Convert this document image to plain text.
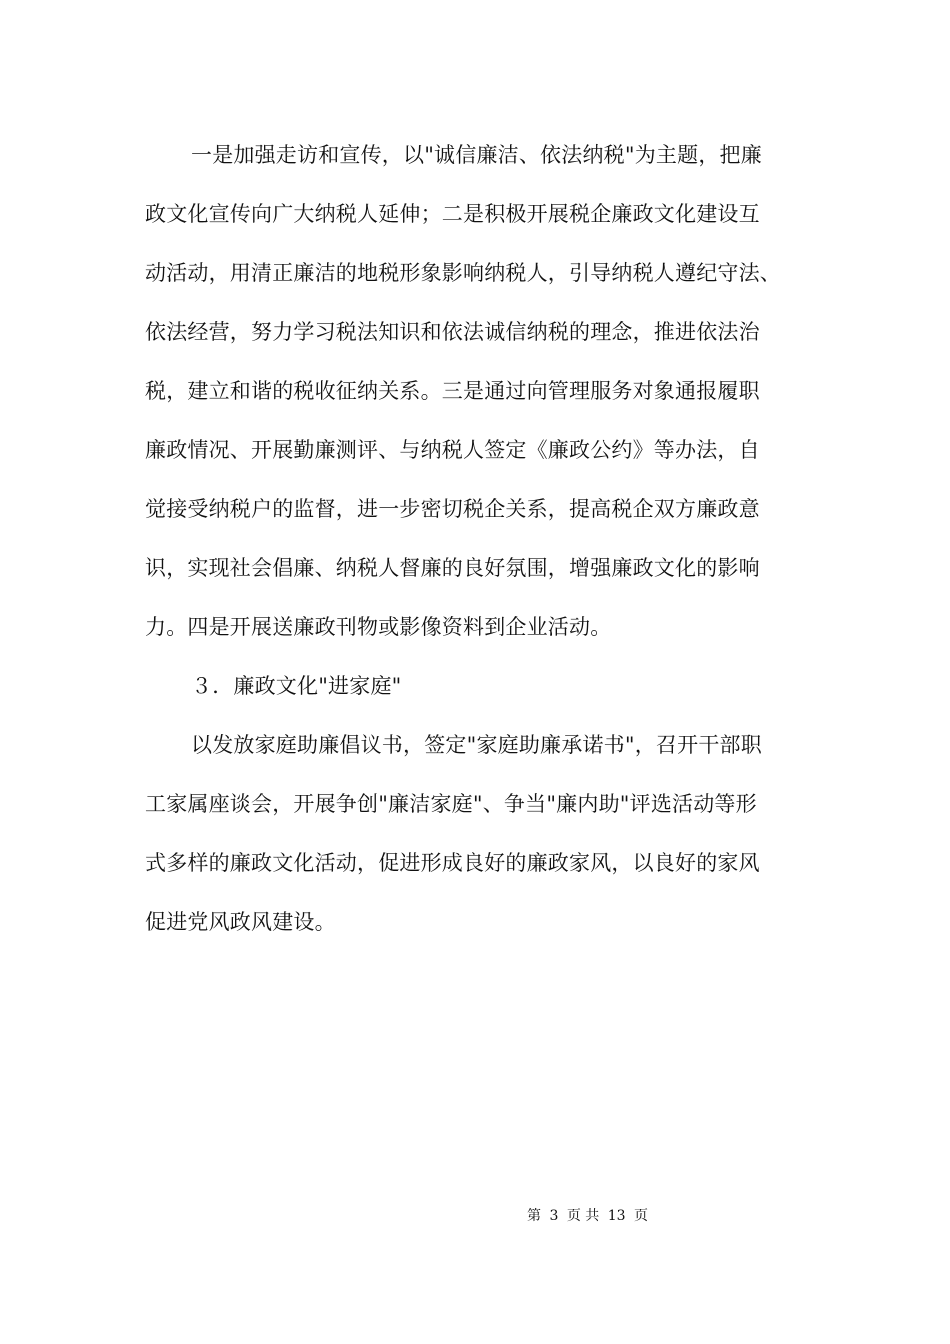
一是加强走访和宣传，以"诚信廉洁、依法纳税"为主题，把廉
政文化宣传向广大纳税人延伸；二是积极开展税企廉政文化建设互
动活动，用清正廉洁的地税形象影响纳税人，引导纳税人遵纪守法、
依法经营，努力学习税法知识和依法诚信纳税的理念，推进依法治
税，建立和谐的税收征纳关系。三是通过向管理服务对象通报履职
廉政情况、开展勤廉测评、与纳税人签定《廉政公约》等办法，自
觉接受纳税户的监督，进一步密切税企关系，提高税企双方廉政意
识，实现社会倡廉、纳税人督廉的良好氛围，增强廉政文化的影响
力。四是开展送廉政刊物或影像资料到企业活动。
３．廉政文化"进家庭"
以发放家庭助廉倡议书，签定"家庭助廉承诺书"，召开干部职
工家属座谈会，开展争创"廉洁家庭"、争当"廉内助"评选活动等形
式多样的廉政文化活动，促进形成良好的廉政家风，以良好的家风
促进党风政风建设。
第 3 页 共 13 页
